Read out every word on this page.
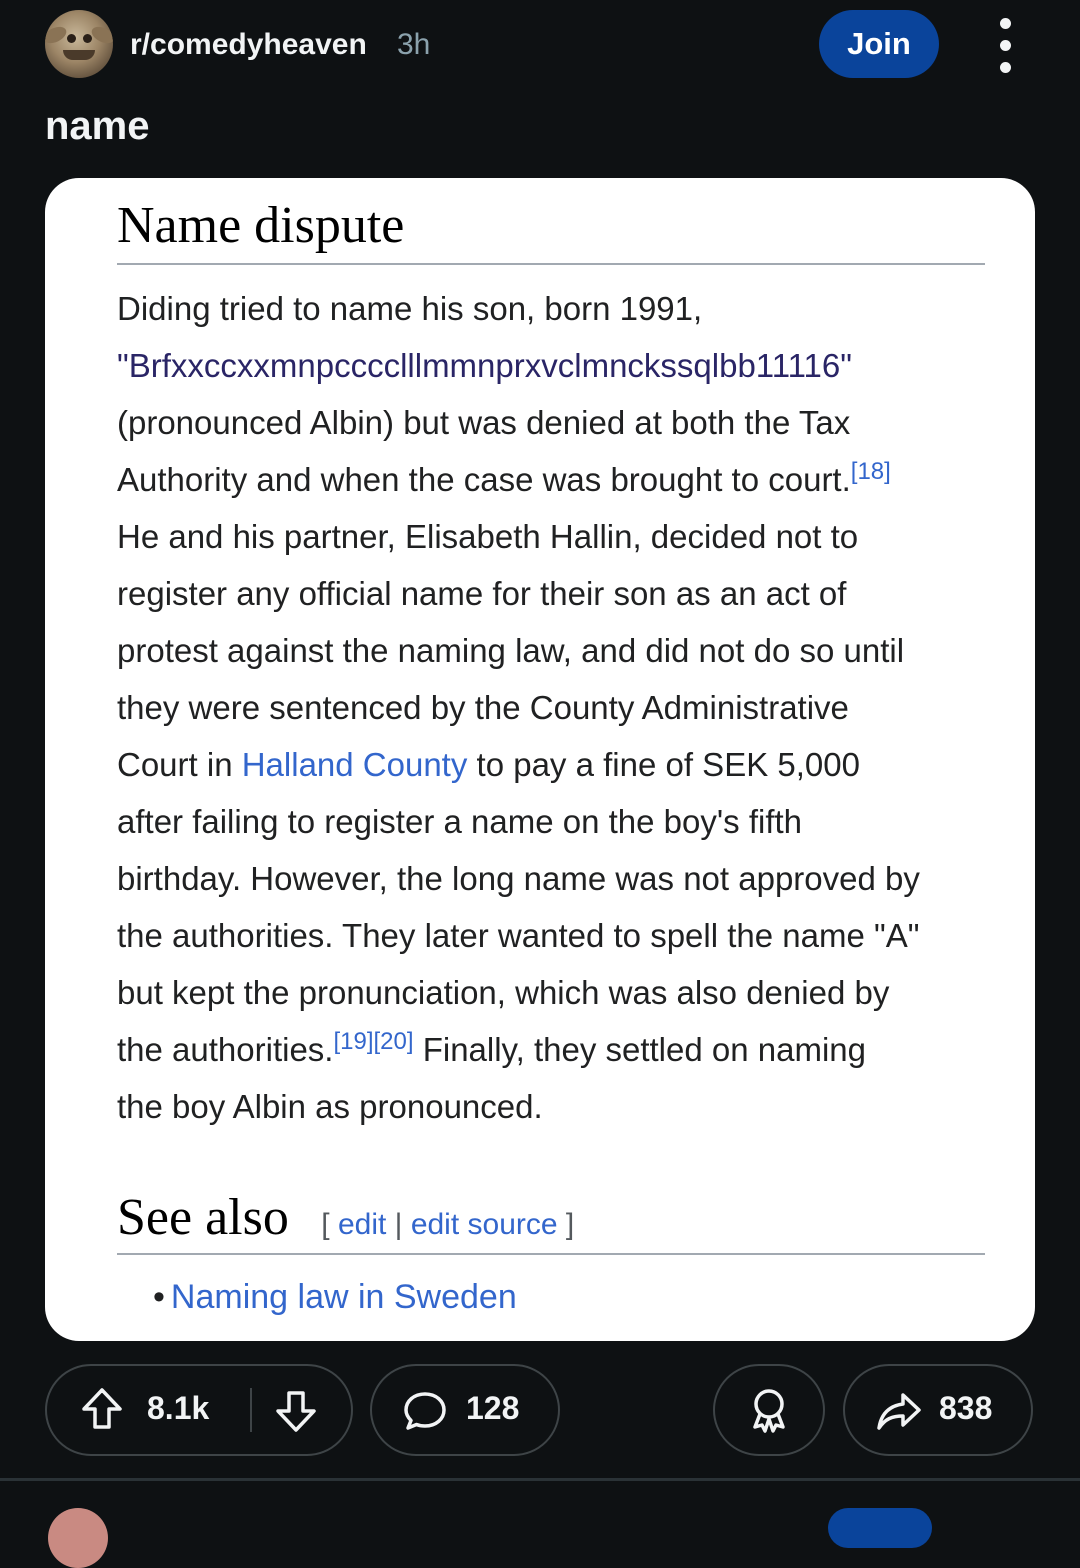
r/comedyheaven 3h	Join
name
Name dispute
Diding tried to name his son, born 1991,
"Brfxxccxxmnpcccclllmmnprxvclmnckssqlbb11116"
(pronounced Albin) but was denied at both the Tax
Authority and when the case was brought to court.[18]
He and his partner, Elisabeth Hallin, decided not to
register any official name for their son as an act of
protest against the naming law, and did not do so until
they were sentenced by the County Administrative
Court in Halland County to pay a fine of SEK 5,000
after failing to register a name on the boy's fifth
birthday. However, the long name was not approved by
the authorities. They later wanted to spell the name "A"
but kept the pronunciation, which was also denied by
the authorities.[19][20] Finally, they settled on naming
the boy Albin as pronounced.
See also [ edit | edit source ]
• Naming law in Sweden
8.1k	128	838
